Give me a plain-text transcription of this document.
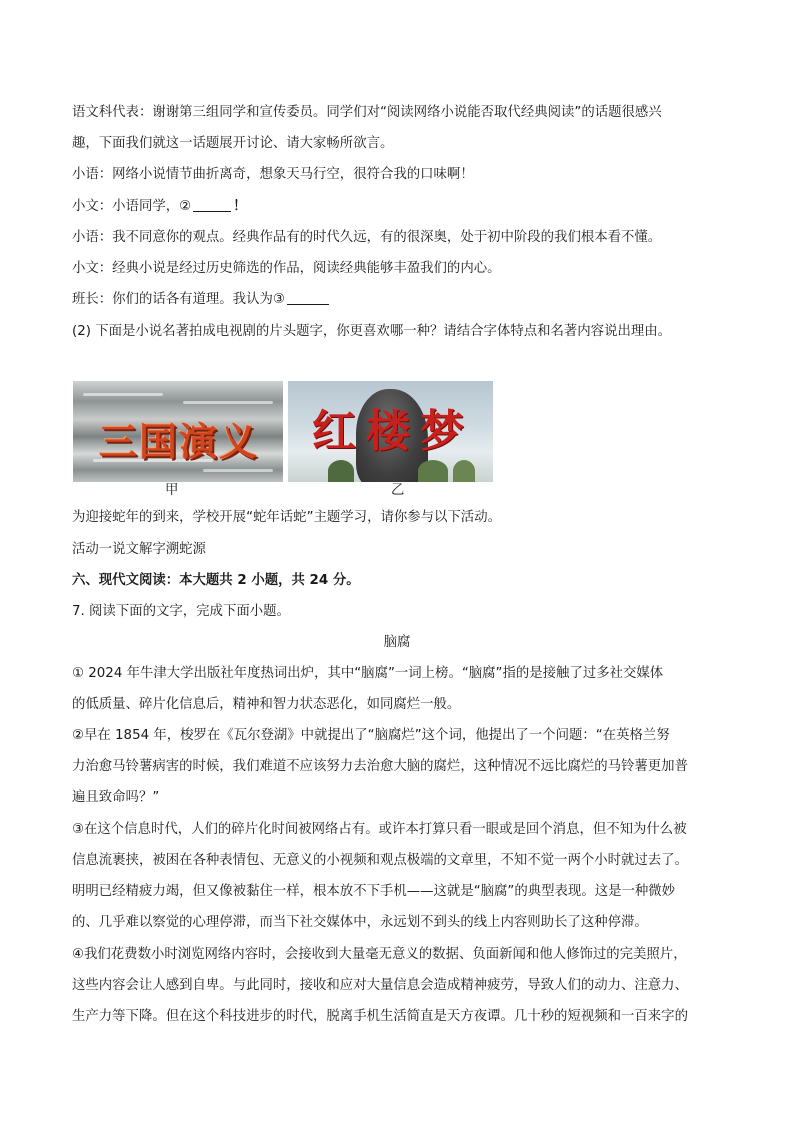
语文科代表：谢谢第三组同学和宣传委员。同学们对“阅读网络小说能否取代经典阅读”的话题很感兴
趣，下面我们就这一话题展开讨论、请大家畅所欲言。
小语：网络小说情节曲折离奇，想象天马行空，很符合我的口味啊！
小文：小语同学，②	！
小语：我不同意你的观点。经典作品有的时代久远，有的很深奥，处于初中阶段的我们根本看不懂。
小文：经典小说是经过历史筛选的作品，阅读经典能够丰盈我们的内心。
班长：你们的话各有道理。我认为③
(2) 下面是小说名著拍成电视剧的片头题字，你更喜欢哪一种？请结合字体特点和名著内容说出理由。
三国演义	红楼梦
甲	乙
为迎接蛇年的到来，学校开展“蛇年话蛇”主题学习，请你参与以下活动。
活动一说文解字溯蛇源
六、现代文阅读：本大题共 2 小题，共 24 分。
7. 阅读下面的文字，完成下面小题。
脑腐
① 2024 年牛津大学出版社年度热词出炉，其中“脑腐”一词上榜。“脑腐”指的是接触了过多社交媒体
的低质量、碎片化信息后，精神和智力状态恶化，如同腐烂一般。
②早在 1854 年，梭罗在《瓦尔登湖》中就提出了“脑腐烂”这个词，他提出了一个问题：“在英格兰努
力治愈马铃薯病害的时候，我们难道不应该努力去治愈大脑的腐烂，这种情况不远比腐烂的马铃薯更加普
遍且致命吗？”
③在这个信息时代，人们的碎片化时间被网络占有。或许本打算只看一眼或是回个消息，但不知为什么被
信息流裹挟，被困在各种表情包、无意义的小视频和观点极端的文章里，不知不觉一两个小时就过去了。
明明已经精疲力竭，但又像被黏住一样，根本放不下手机——这就是“脑腐”的典型表现。这是一种微妙
的、几乎难以察觉的心理停滞，而当下社交媒体中，永远划不到头的线上内容则助长了这种停滞。
④我们花费数小时浏览网络内容时，会接收到大量毫无意义的数据、负面新闻和他人修饰过的完美照片，
这些内容会让人感到自卑。与此同时，接收和应对大量信息会造成精神疲劳，导致人们的动力、注意力、
生产力等下降。但在这个科技进步的时代，脱离手机生活简直是天方夜谭。几十秒的短视频和一百来字的
